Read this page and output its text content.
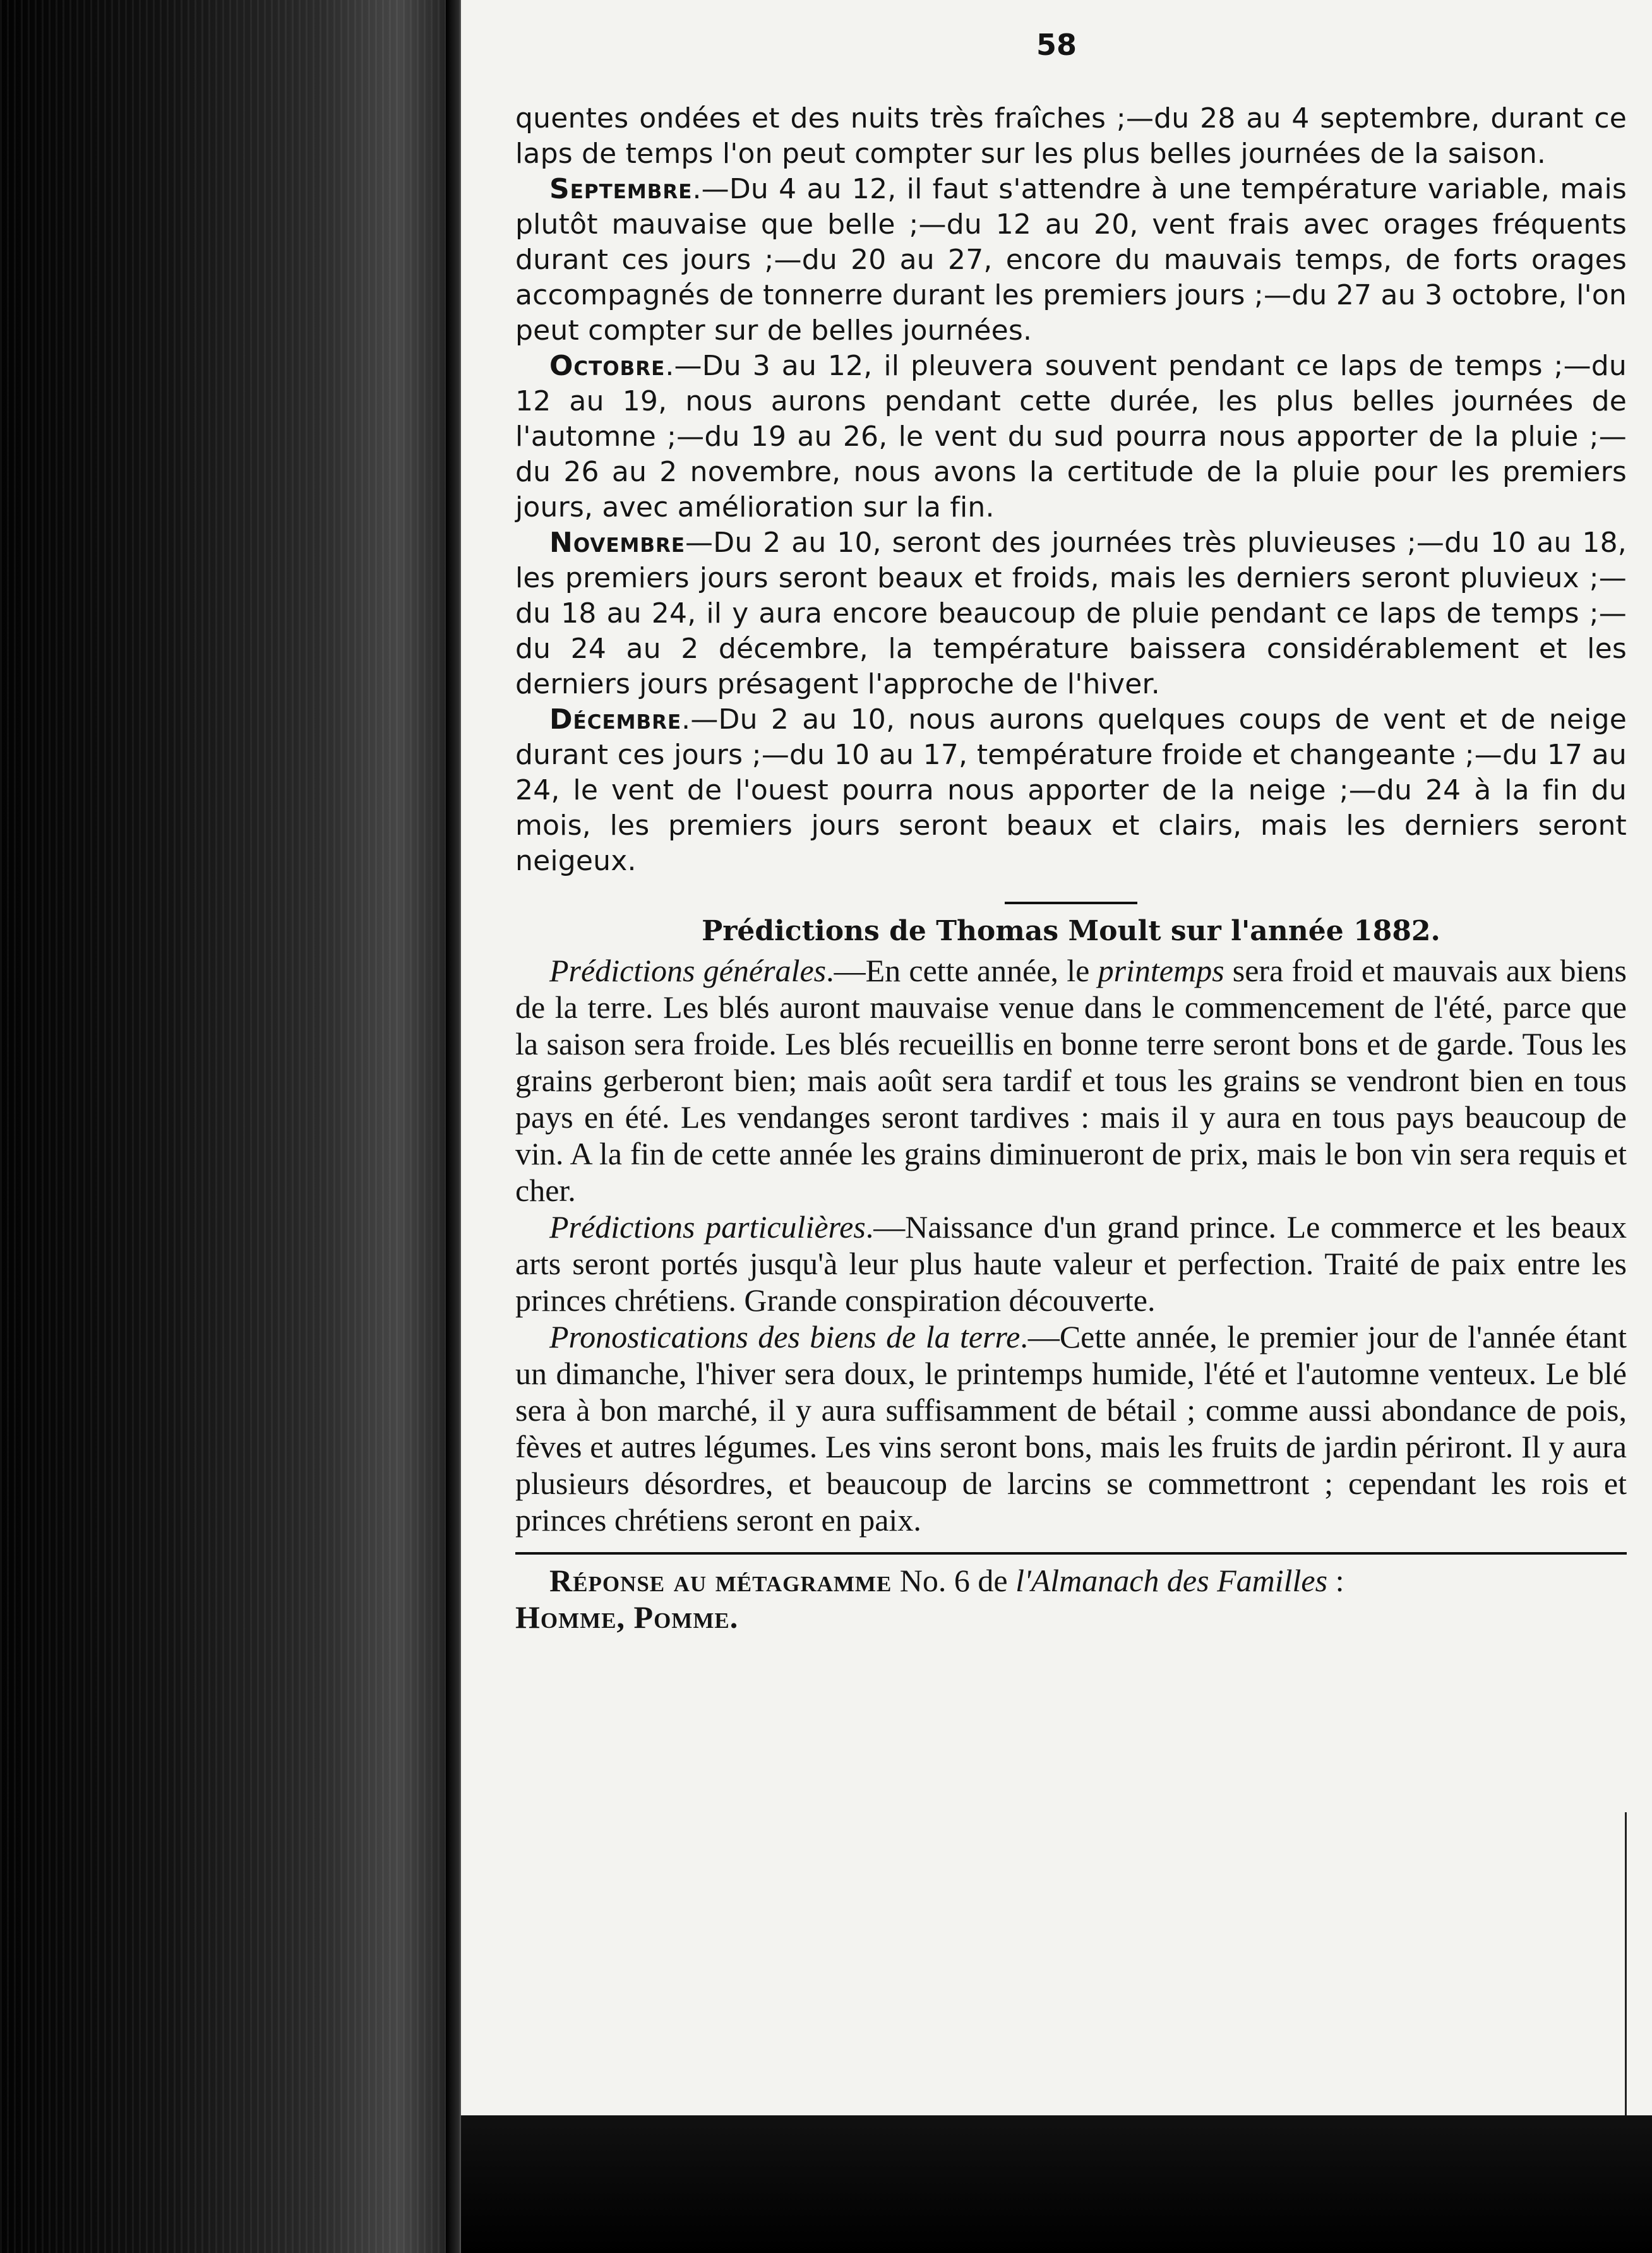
58

quentes ondées et des nuits très fraîches ;—du 28 au 4 septembre, durant ce laps de temps l'on peut compter sur les plus belles journées de la saison.

Septembre.—Du 4 au 12, il faut s'attendre à une température variable, mais plutôt mauvaise que belle ;—du 12 au 20, vent frais avec orages fréquents durant ces jours ;—du 20 au 27, encore du mauvais temps, de forts orages accompagnés de tonnerre durant les premiers jours ;—du 27 au 3 octobre, l'on peut compter sur de belles journées.

Octobre.—Du 3 au 12, il pleuvera souvent pendant ce laps de temps ;—du 12 au 19, nous aurons pendant cette durée, les plus belles journées de l'automne ;—du 19 au 26, le vent du sud pourra nous apporter de la pluie ;—du 26 au 2 novembre, nous avons la certitude de la pluie pour les premiers jours, avec amélioration sur la fin.

Novembre—Du 2 au 10, seront des journées très pluvieuses ;—du 10 au 18, les premiers jours seront beaux et froids, mais les derniers seront pluvieux ;—du 18 au 24, il y aura encore beaucoup de pluie pendant ce laps de temps ;—du 24 au 2 décembre, la température baissera considérablement et les derniers jours présagent l'approche de l'hiver.

Décembre.—Du 2 au 10, nous aurons quelques coups de vent et de neige durant ces jours ;—du 10 au 17, température froide et changeante ;—du 17 au 24, le vent de l'ouest pourra nous apporter de la neige ;—du 24 à la fin du mois, les premiers jours seront beaux et clairs, mais les derniers seront neigeux.

Prédictions de Thomas Moult sur l'année 1882.

Prédictions générales.—En cette année, le printemps sera froid et mauvais aux biens de la terre. Les blés auront mauvaise venue dans le commencement de l'été, parce que la saison sera froide. Les blés recueillis en bonne terre seront bons et de garde. Tous les grains gerberont bien; mais août sera tardif et tous les grains se vendront bien en tous pays en été. Les vendanges seront tardives : mais il y aura en tous pays beaucoup de vin. A la fin de cette année les grains diminueront de prix, mais le bon vin sera requis et cher.

Prédictions particulières.—Naissance d'un grand prince. Le commerce et les beaux arts seront portés jusqu'à leur plus haute valeur et perfection. Traité de paix entre les princes chrétiens. Grande conspiration découverte.

Pronostications des biens de la terre.—Cette année, le premier jour de l'année étant un dimanche, l'hiver sera doux, le printemps humide, l'été et l'automne venteux. Le blé sera à bon marché, il y aura suffisamment de bétail ; comme aussi abondance de pois, fèves et autres légumes. Les vins seront bons, mais les fruits de jardin périront. Il y aura plusieurs désordres, et beaucoup de larcins se commettront ; cependant les rois et princes chrétiens seront en paix.

Réponse au métagramme No. 6 de l'Almanach des Familles :
Homme, Pomme.
